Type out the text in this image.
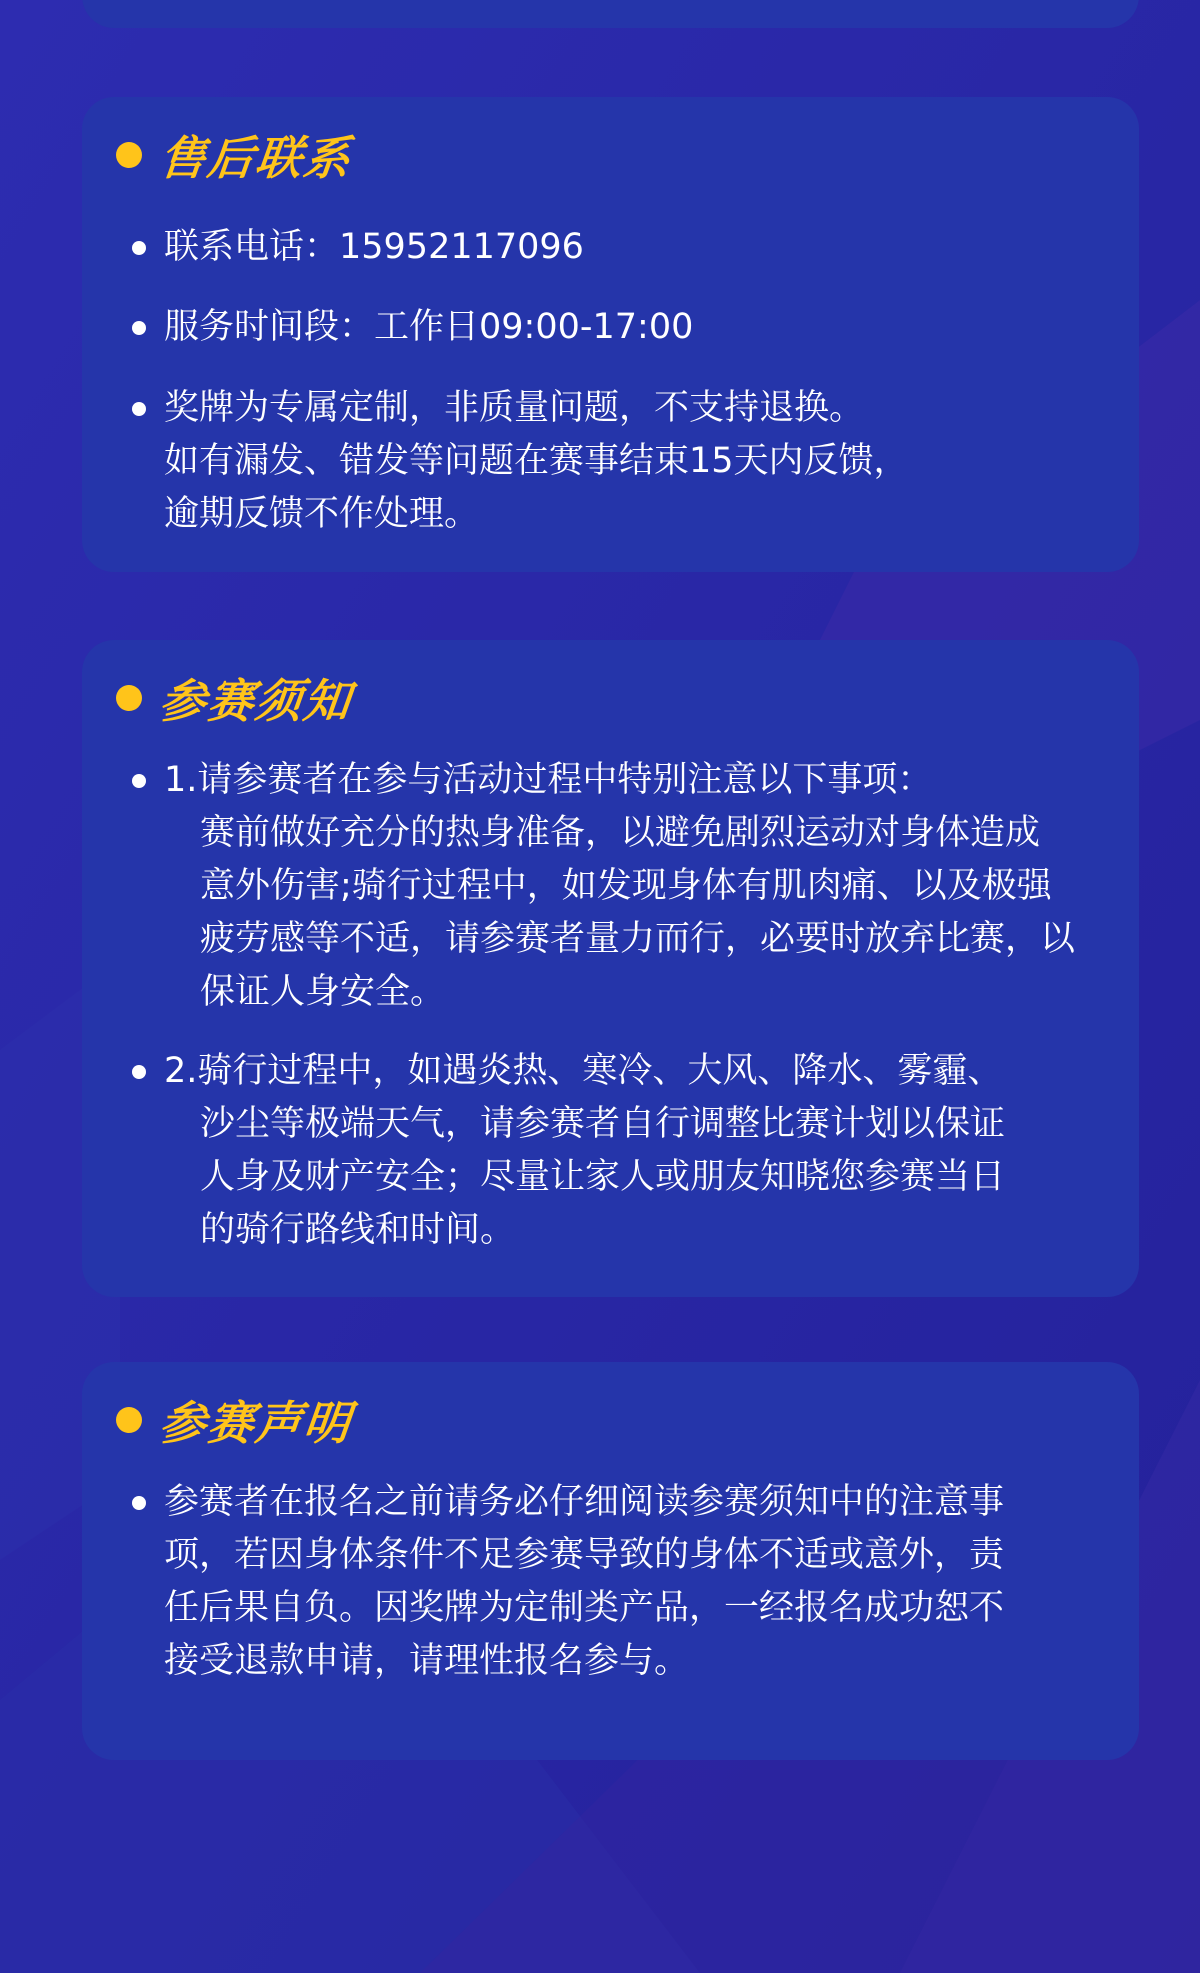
售后联系
联系电话：15952117096
服务时间段：工作日09:00-17:00
奖牌为专属定制，非质量问题，不支持退换。
如有漏发、错发等问题在赛事结束15天内反馈，
逾期反馈不作处理。
参赛须知
1.请参赛者在参与活动过程中特别注意以下事项：
赛前做好充分的热身准备，以避免剧烈运动对身体造成
意外伤害;骑行过程中，如发现身体有肌肉痛、以及极强
疲劳感等不适，请参赛者量力而行，必要时放弃比赛，以
保证人身安全。
2.骑行过程中，如遇炎热、寒冷、大风、降水、雾霾、
沙尘等极端天气，请参赛者自行调整比赛计划以保证
人身及财产安全；尽量让家人或朋友知晓您参赛当日
的骑行路线和时间。
参赛声明
参赛者在报名之前请务必仔细阅读参赛须知中的注意事
项，若因身体条件不足参赛导致的身体不适或意外，责
任后果自负。因奖牌为定制类产品，一经报名成功恕不
接受退款申请，请理性报名参与。
